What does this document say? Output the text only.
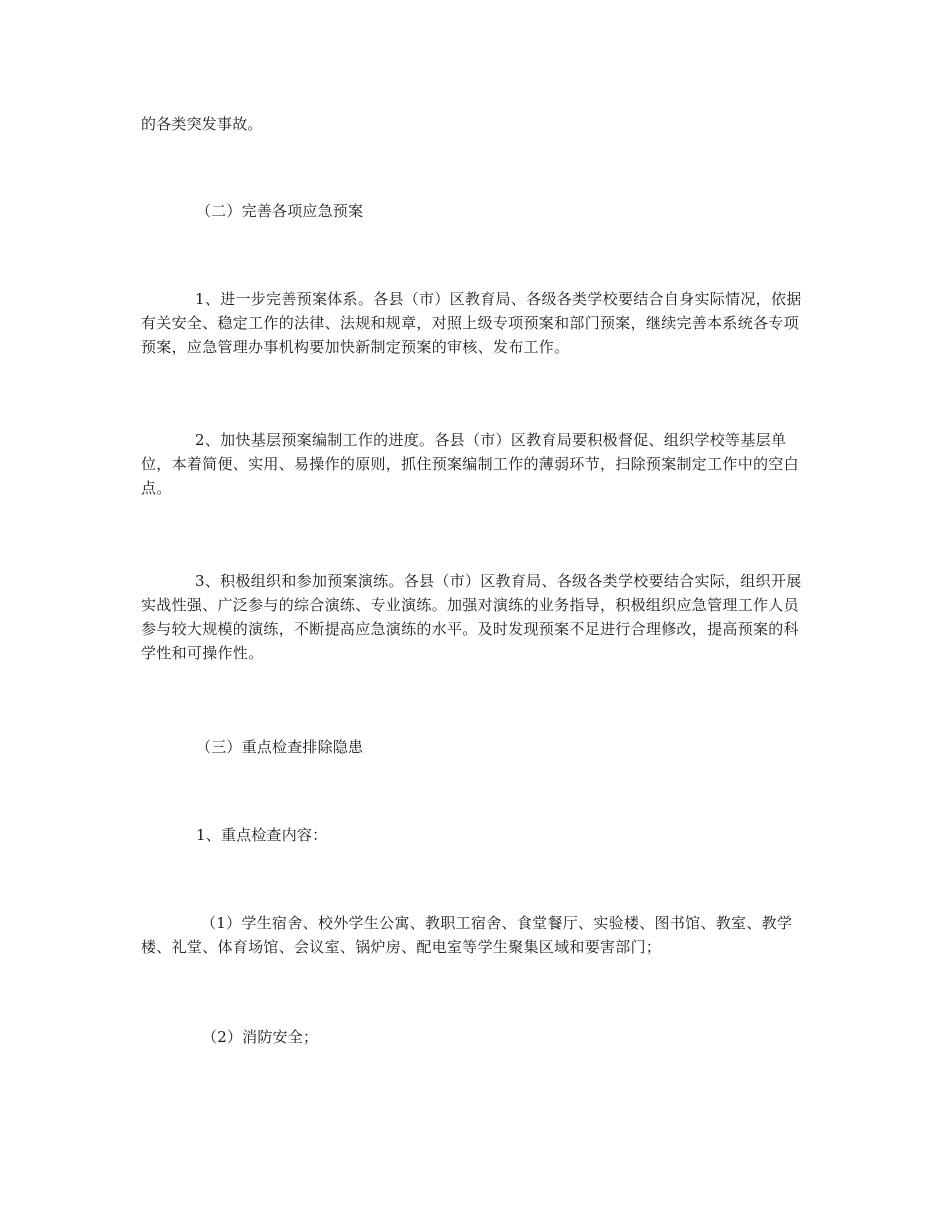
的各类突发事故。
（二）完善各项应急预案
1、进一步完善预案体系。各县（市）区教育局、各级各类学校要结合自身实际情况，依据有关安全、稳定工作的法律、法规和规章，对照上级专项预案和部门预案，继续完善本系统各专项预案，应急管理办事机构要加快新制定预案的审核、发布工作。
2、加快基层预案编制工作的进度。各县（市）区教育局要积极督促、组织学校等基层单位，本着简便、实用、易操作的原则，抓住预案编制工作的薄弱环节，扫除预案制定工作中的空白点。
3、积极组织和参加预案演练。各县（市）区教育局、各级各类学校要结合实际，组织开展实战性强、广泛参与的综合演练、专业演练。加强对演练的业务指导，积极组织应急管理工作人员参与较大规模的演练，不断提高应急演练的水平。及时发现预案不足进行合理修改，提高预案的科学性和可操作性。
（三）重点检查排除隐患
1、重点检查内容：
（1）学生宿舍、校外学生公寓、教职工宿舍、食堂餐厅、实验楼、图书馆、教室、教学楼、礼堂、体育场馆、会议室、锅炉房、配电室等学生聚集区域和要害部门；
（2）消防安全；
